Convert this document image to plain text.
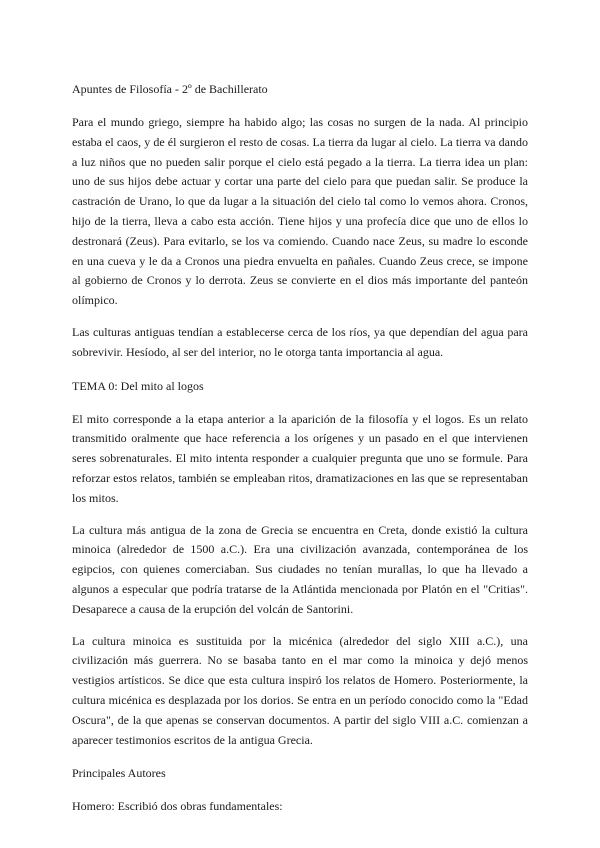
Apuntes de Filosofía - 2º de Bachillerato

Para el mundo griego, siempre ha habido algo; las cosas no surgen de la nada. Al principio estaba el caos, y de él surgieron el resto de cosas. La tierra da lugar al cielo. La tierra va dando a luz niños que no pueden salir porque el cielo está pegado a la tierra. La tierra idea un plan: uno de sus hijos debe actuar y cortar una parte del cielo para que puedan salir. Se produce la castración de Urano, lo que da lugar a la situación del cielo tal como lo vemos ahora. Cronos, hijo de la tierra, lleva a cabo esta acción. Tiene hijos y una profecía dice que uno de ellos lo destronará (Zeus). Para evitarlo, se los va comiendo. Cuando nace Zeus, su madre lo esconde en una cueva y le da a Cronos una piedra envuelta en pañales. Cuando Zeus crece, se impone al gobierno de Cronos y lo derrota. Zeus se convierte en el dios más importante del panteón olímpico.

Las culturas antiguas tendían a establecerse cerca de los ríos, ya que dependían del agua para sobrevivir. Hesíodo, al ser del interior, no le otorga tanta importancia al agua.

TEMA 0: Del mito al logos

El mito corresponde a la etapa anterior a la aparición de la filosofía y el logos. Es un relato transmitido oralmente que hace referencia a los orígenes y un pasado en el que intervienen seres sobrenaturales. El mito intenta responder a cualquier pregunta que uno se formule. Para reforzar estos relatos, también se empleaban ritos, dramatizaciones en las que se representaban los mitos.

La cultura más antigua de la zona de Grecia se encuentra en Creta, donde existió la cultura minoica (alrededor de 1500 a.C.). Era una civilización avanzada, contemporánea de los egipcios, con quienes comerciaban. Sus ciudades no tenían murallas, lo que ha llevado a algunos a especular que podría tratarse de la Atlántida mencionada por Platón en el "Critias". Desaparece a causa de la erupción del volcán de Santorini.

La cultura minoica es sustituida por la micénica (alrededor del siglo XIII a.C.), una civilización más guerrera. No se basaba tanto en el mar como la minoica y dejó menos vestigios artísticos. Se dice que esta cultura inspiró los relatos de Homero. Posteriormente, la cultura micénica es desplazada por los dorios. Se entra en un período conocido como la "Edad Oscura", de la que apenas se conservan documentos. A partir del siglo VIII a.C. comienzan a aparecer testimonios escritos de la antigua Grecia.

Principales Autores

Homero: Escribió dos obras fundamentales:
